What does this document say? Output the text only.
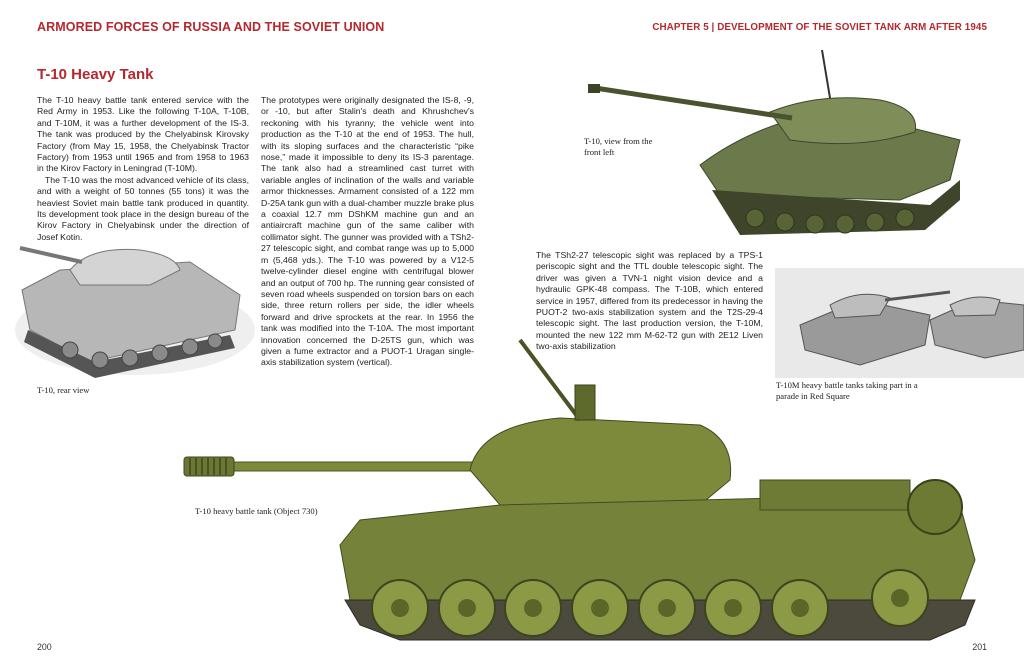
ARMORED FORCES OF RUSSIA AND THE SOVIET UNION	CHAPTER 5 | DEVELOPMENT OF THE SOVIET TANK ARM AFTER 1945
T-10 Heavy Tank

The T-10 heavy battle tank entered service with the Red Army in 1953. Like the following T-10A, T-10B, and T-10M, it was a further development of the IS-3. The tank was produced by the Chelyabinsk Kirovsky Factory (from May 15, 1958, the Chelyabinsk Tractor Factory) from 1953 until 1965 and from 1958 to 1963 in the Kirov Factory in Leningrad (T-10M).

The T-10 was the most advanced vehicle of its class, and with a weight of 50 tonnes (55 tons) it was the heaviest Soviet main battle tank produced in quantity. Its development took place in the design bureau of the Kirov Factory in Chelyabinsk under the direction of Josef Kotin.

The prototypes were originally designated the IS-8, -9, or -10, but after Stalin's death and Khrushchev's reckoning with his tyranny, the vehicle went into production as the T-10 at the end of 1953. The hull, with its sloping surfaces and the characteristic “pike nose,” made it impossible to deny its IS-3 parentage. The tank also had a streamlined cast turret with variable angles of inclination of the walls and variable armor thicknesses. Armament consisted of a 122 mm D-25A tank gun with a dual-chamber muzzle brake plus a coaxial 12.7 mm DShKM machine gun and an antiaircraft machine gun of the same caliber with collimator sight. The gunner was provided with a TSh2-27 telescopic sight, and combat range was up to 5,000 m (5,468 yds.). The T-10 was powered by a V12-5 twelve-cylinder diesel engine with centrifugal blower and an output of 700 hp. The running gear consisted of seven road wheels suspended on torsion bars on each side, three return rollers per side, the idler wheels forward and drive sprockets at the rear. In 1956 the tank was modified into the T-10A. The most important innovation concerned the D-25TS gun, which was given a fume extractor and a PUOT-1 Uragan single-axis stabilization system (vertical).

The TSh2-27 telescopic sight was replaced by a TPS-1 periscopic sight and the TTL double telescopic sight. The driver was given a TVN-1 night vision device and a hydraulic GPK-48 compass. The T-10B, which entered service in 1957, differed from its predecessor in having the PUOT-2 two-axis stabilization system and the T2S-29-4 telescopic sight. The last production version, the T-10M, mounted the new 122 mm M-62-T2 gun with 2E12 Liven two-axis stabilization

T-10, rear view
T-10, view from the
front left
T-10M heavy battle tanks taking part in a
parade in Red Square
T-10 heavy battle tank (Object 730)
200	201
